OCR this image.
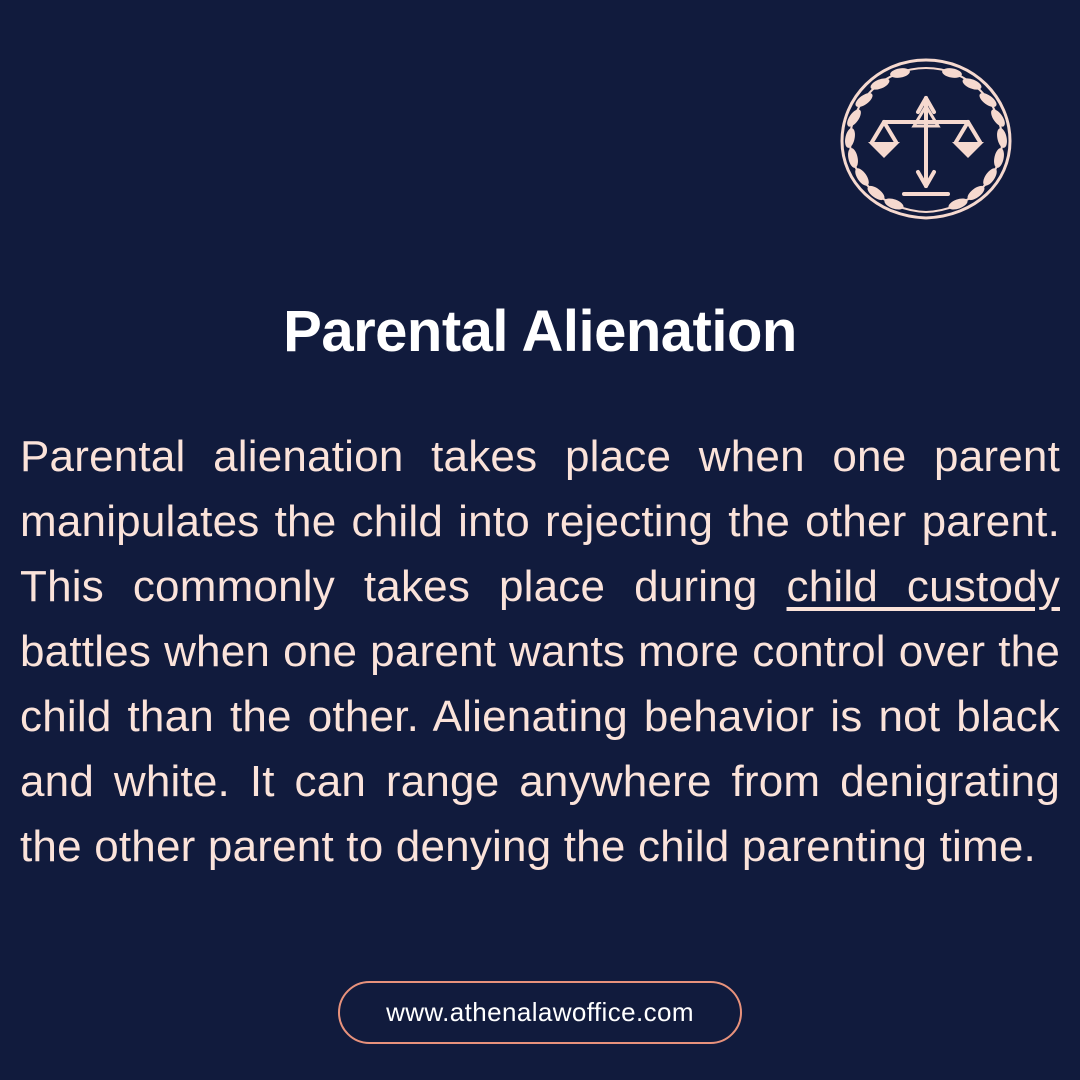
Parental Alienation
Parental alienation takes place when one parent manipulates the child into rejecting the other parent. This commonly takes place during child custody battles when one parent wants more control over the child than the other. Alienating behavior is not black and white. It can range anywhere from denigrating the other parent to denying the child parenting time.
www.athenalawoffice.com
